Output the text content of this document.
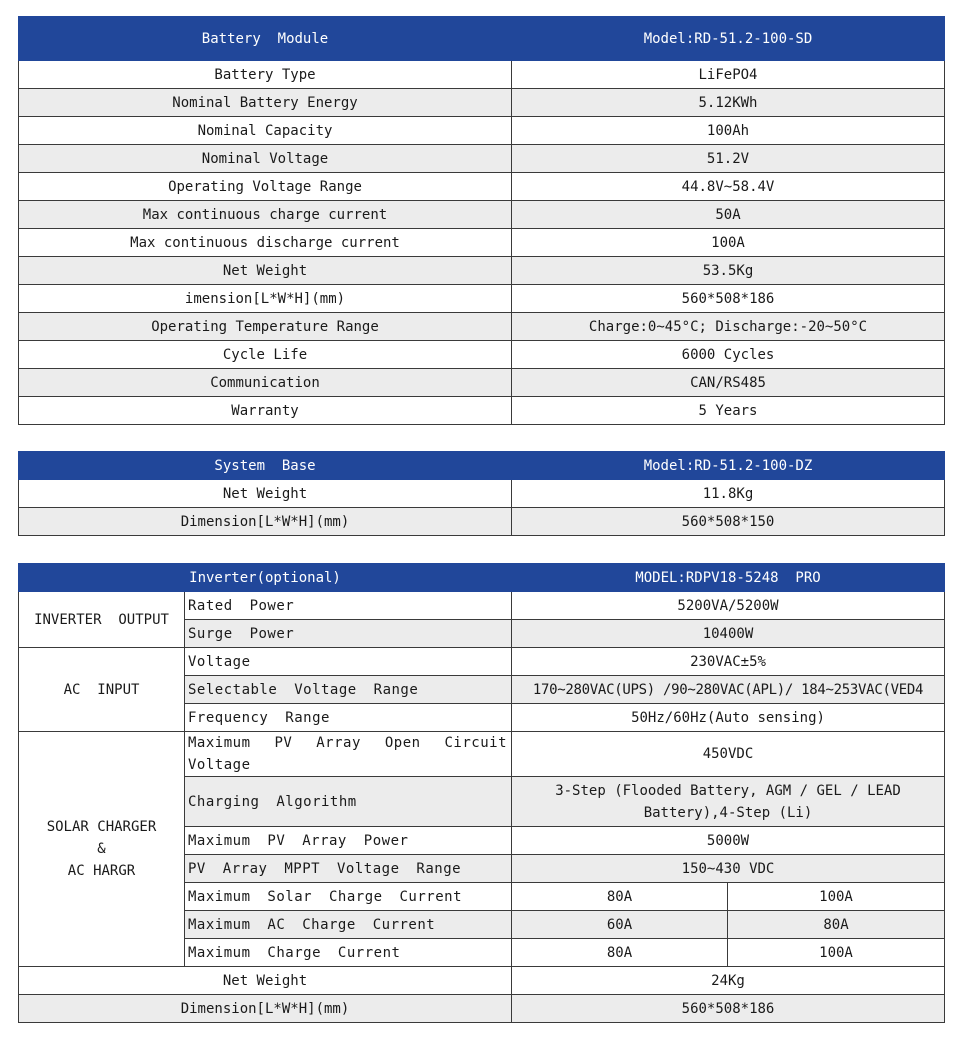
Battery  Module	Model:RD-51.2-100-SD
Battery Type	LiFePO4
Nominal Battery Energy	5.12KWh
Nominal Capacity	100Ah
Nominal Voltage	51.2V
Operating Voltage Range	44.8V~58.4V
Max continuous charge current	50A
Max continuous discharge current	100A
Net Weight	53.5Kg
imension[L*W*H](mm)	560*508*186
Operating Temperature Range	Charge:0~45°C; Discharge:-20~50°C
Cycle Life	6000 Cycles
Communication	CAN/RS485
Warranty	5 Years
System  Base	Model:RD-51.2-100-DZ
Net Weight	11.8Kg
Dimension[L*W*H](mm)	560*508*150
Inverter(optional)		MODEL:RDPV18-5248  PRO	
INVERTER  OUTPUT	Rated Power	5200VA/5200W	
	Surge Power	10400W	
AC  INPUT	Voltage	230VAC±5%	
	Selectable Voltage Range	170~280VAC(UPS) /90~280VAC(APL)/ 184~253VAC(VED4	
	Frequency Range	50Hz/60Hz(Auto sensing)	

SOLAR CHARGER
&
AC HARGR	Maximum PV Array Open Circuit Voltage	450VDC	
	Charging Algorithm	3-Step (Flooded Battery, AGM / GEL / LEAD Battery),4-Step (Li)	
	Maximum PV Array Power	5000W	
	PV Array MPPT Voltage Range	150~430 VDC	
	Maximum Solar Charge Current	80A	100A
	Maximum AC Charge Current	60A	80A
	Maximum Charge Current	80A	100A
Net Weight		24Kg	
Dimension[L*W*H](mm)		560*508*186	
